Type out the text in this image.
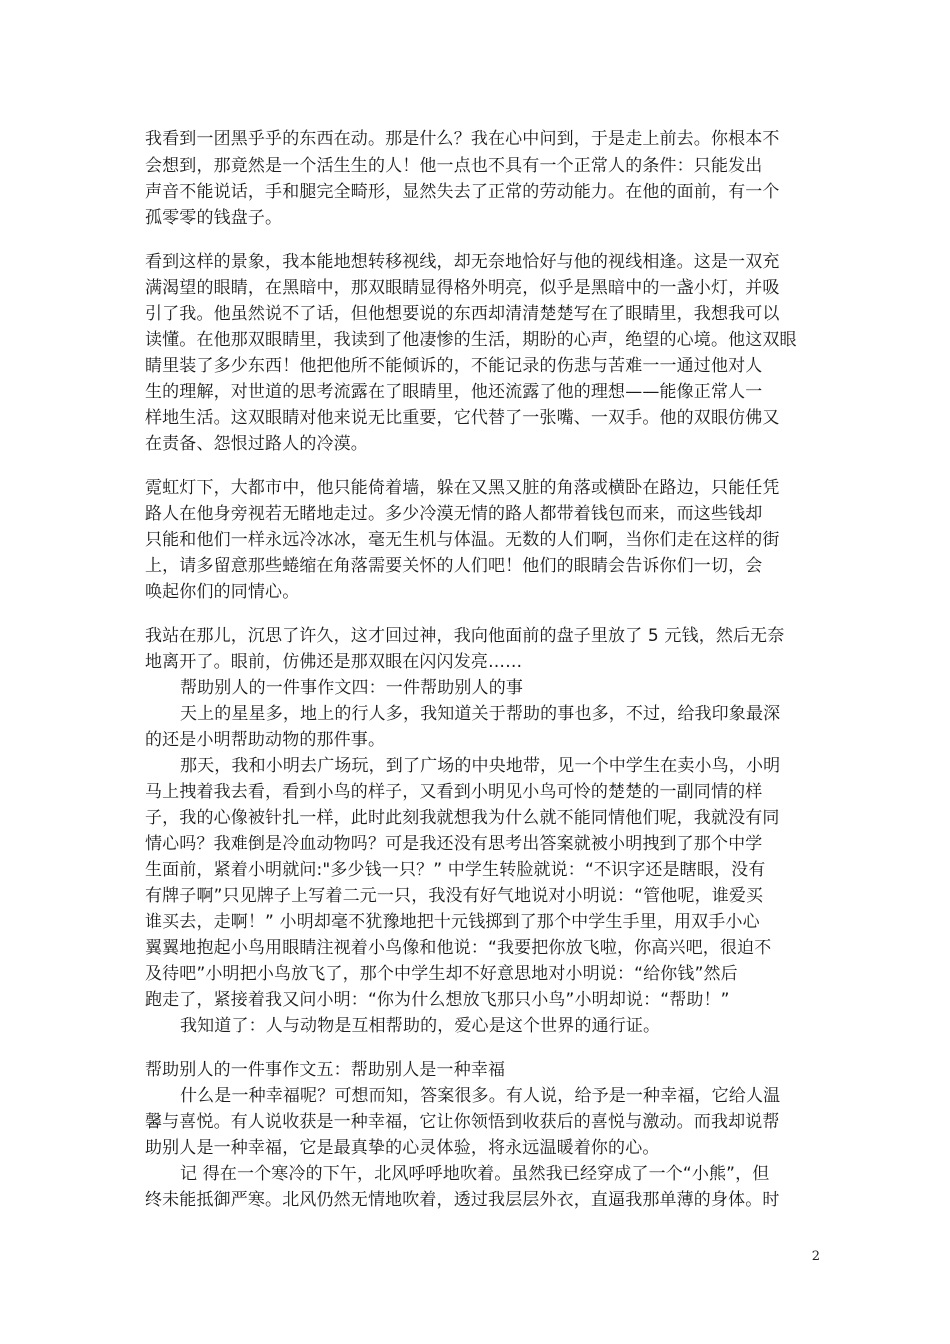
我看到一团黑乎乎的东西在动。那是什么？我在心中问到，于是走上前去。你根本不
会想到，那竟然是一个活生生的人！他一点也不具有一个正常人的条件：只能发出
声音不能说话，手和腿完全畸形，显然失去了正常的劳动能力。在他的面前，有一个
孤零零的钱盘子。
看到这样的景象，我本能地想转移视线，却无奈地恰好与他的视线相逢。这是一双充
满渴望的眼睛，在黑暗中，那双眼睛显得格外明亮，似乎是黑暗中的一盏小灯，并吸
引了我。他虽然说不了话，但他想要说的东西却清清楚楚写在了眼睛里，我想我可以
读懂。在他那双眼睛里，我读到了他凄惨的生活，期盼的心声，绝望的心境。他这双眼
睛里装了多少东西！他把他所不能倾诉的，不能记录的伤悲与苦难一一通过他对人
生的理解，对世道的思考流露在了眼睛里，他还流露了他的理想——能像正常人一
样地生活。这双眼睛对他来说无比重要，它代替了一张嘴、一双手。他的双眼仿佛又
在责备、怨恨过路人的冷漠。
霓虹灯下，大都市中，他只能倚着墙，躲在又黑又脏的角落或横卧在路边，只能任凭
路人在他身旁视若无睹地走过。多少冷漠无情的路人都带着钱包而来，而这些钱却
只能和他们一样永远冷冰冰，毫无生机与体温。无数的人们啊，当你们走在这样的街
上，请多留意那些蜷缩在角落需要关怀的人们吧！他们的眼睛会告诉你们一切，会
唤起你们的同情心。
我站在那儿，沉思了许久，这才回过神，我向他面前的盘子里放了 5 元钱，然后无奈
地离开了。眼前，仿佛还是那双眼在闪闪发亮……
帮助别人的一件事作文四：一件帮助别人的事
天上的星星多，地上的行人多，我知道关于帮助的事也多，不过，给我印象最深
的还是小明帮助动物的那件事。
那天，我和小明去广场玩，到了广场的中央地带，见一个中学生在卖小鸟，小明
马上拽着我去看，看到小鸟的样子，又看到小明见小鸟可怜的楚楚的一副同情的样
子，我的心像被针扎一样，此时此刻我就想我为什么就不能同情他们呢，我就没有同
情心吗？我难倒是冷血动物吗？可是我还没有思考出答案就被小明拽到了那个中学
生面前，紧着小明就问:"多少钱一只？” 中学生转脸就说：“不识字还是瞎眼，没有
有牌子啊”只见牌子上写着二元一只，我没有好气地说对小明说：“管他呢，谁爱买
谁买去，走啊！” 小明却毫不犹豫地把十元钱掷到了那个中学生手里，用双手小心
翼翼地抱起小鸟用眼睛注视着小鸟像和他说：“我要把你放飞啦，你高兴吧，很迫不
及待吧”小明把小鸟放飞了，那个中学生却不好意思地对小明说：“给你钱”然后
跑走了，紧接着我又问小明：“你为什么想放飞那只小鸟”小明却说：“帮助！”
我知道了：人与动物是互相帮助的，爱心是这个世界的通行证。
帮助别人的一件事作文五：帮助别人是一种幸福
什么是一种幸福呢？可想而知，答案很多。有人说，给予是一种幸福，它给人温
馨与喜悦。有人说收获是一种幸福，它让你领悟到收获后的喜悦与激动。而我却说帮
助别人是一种幸福，它是最真挚的心灵体验，将永远温暖着你的心。
记 得在一个寒冷的下午，北风呼呼地吹着。虽然我已经穿成了一个“小熊”，但
终未能抵御严寒。北风仍然无情地吹着，透过我层层外衣，直逼我那单薄的身体。时
2
